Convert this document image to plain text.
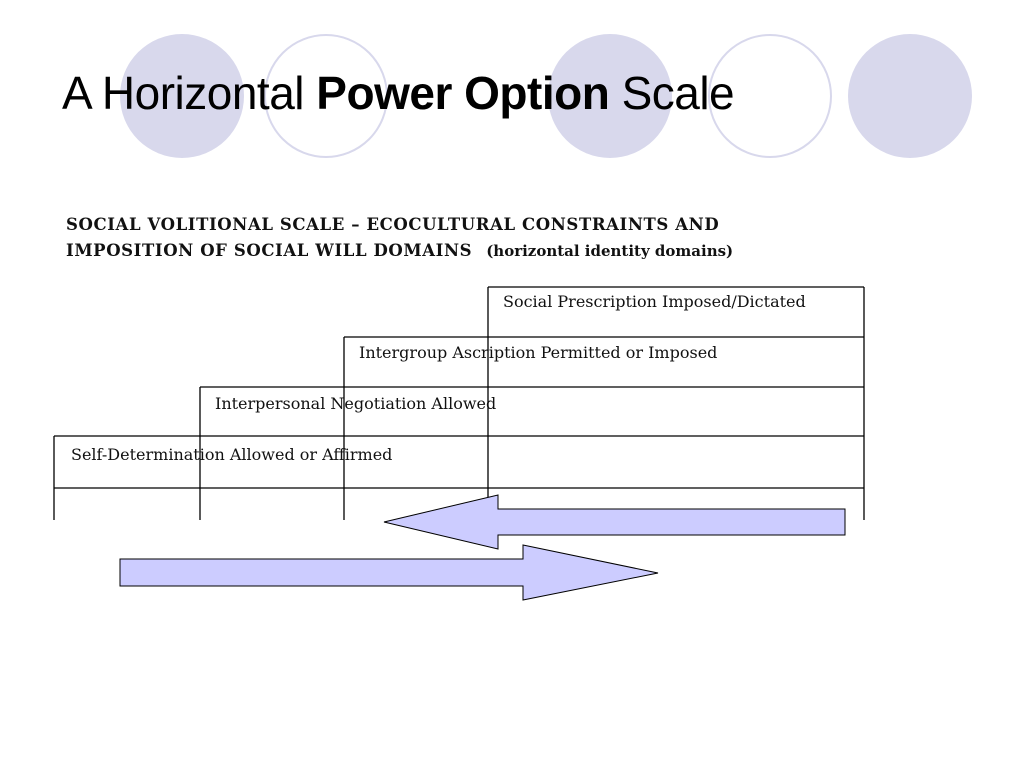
A Horizontal Power Option Scale
SOCIAL VOLITIONAL SCALE – ECOCULTURAL CONSTRAINTS AND
IMPOSITION OF SOCIAL WILL DOMAINS (horizontal identity domains)
Social Prescription Imposed/Dictated
Intergroup Ascription Permitted or Imposed
Interpersonal Negotiation Allowed
Self-Determination Allowed or Affirmed
